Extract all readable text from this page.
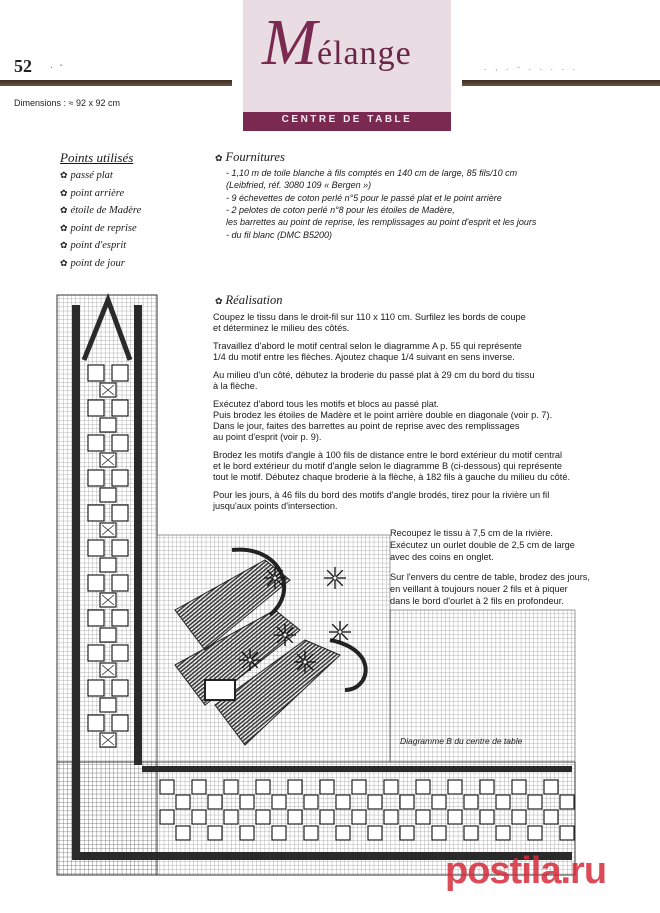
52 . -	. , . - . . . . .
Mélange
CENTRE DE TABLE
Dimensions : ≈ 92 x 92 cm
Points utilisés
✿ passé plat
✿ point arrière
✿ étoile de Madère
✿ point de reprise
✿ point d'esprit
✿ point de jour
✿ Fournitures
- 1,10 m de toile blanche à fils comptés en 140 cm de large, 85 fils/10 cm
(Leibfried, réf. 3080 109 « Bergen »)
- 9 échevettes de coton perlé n°5 pour le passé plat et le point arrière
- 2 pelotes de coton perlé n°8 pour les étoiles de Madère,
les barrettes au point de reprise, les remplissages au point d'esprit et les jours
- du fil blanc (DMC B5200)
✿ Réalisation
Coupez le tissu dans le droit-fil sur 110 x 110 cm. Surfilez les bords de coupe
et déterminez le milieu des côtés.
Travaillez d'abord le motif central selon le diagramme A p. 55 qui représente
1/4 du motif entre les flèches. Ajoutez chaque 1/4 suivant en sens inverse.
Au milieu d'un côté, débutez la broderie du passé plat à 29 cm du bord du tissu
à la flèche.
Exécutez d'abord tous les motifs et blocs au passé plat.
Puis brodez les étoiles de Madère et le point arrière double en diagonale (voir p. 7).
Dans le jour, faites des barrettes au point de reprise avec des remplissages
au point d'esprit (voir p. 9).
Brodez les motifs d'angle à 100 fils de distance entre le bord extérieur du motif central
et le bord extérieur du motif d'angle selon le diagramme B (ci-dessous) qui représente
tout le motif. Débutez chaque broderie à la flèche, à 182 fils à gauche du milieu du côté.
Pour les jours, à 46 fils du bord des motifs d'angle brodés, tirez pour la rivière un fil
jusqu'aux points d'intersection.
Recoupez le tissu à 7,5 cm de la rivière.
Exécutez un ourlet double de 2,5 cm de large
avec des coins en onglet.
Sur l'envers du centre de table, brodez des jours,
en veillant à toujours nouer 2 fils et à piquer
dans le bord d'ourlet à 2 fils en profondeur.
Diagramme B du centre de table
postila.ru
